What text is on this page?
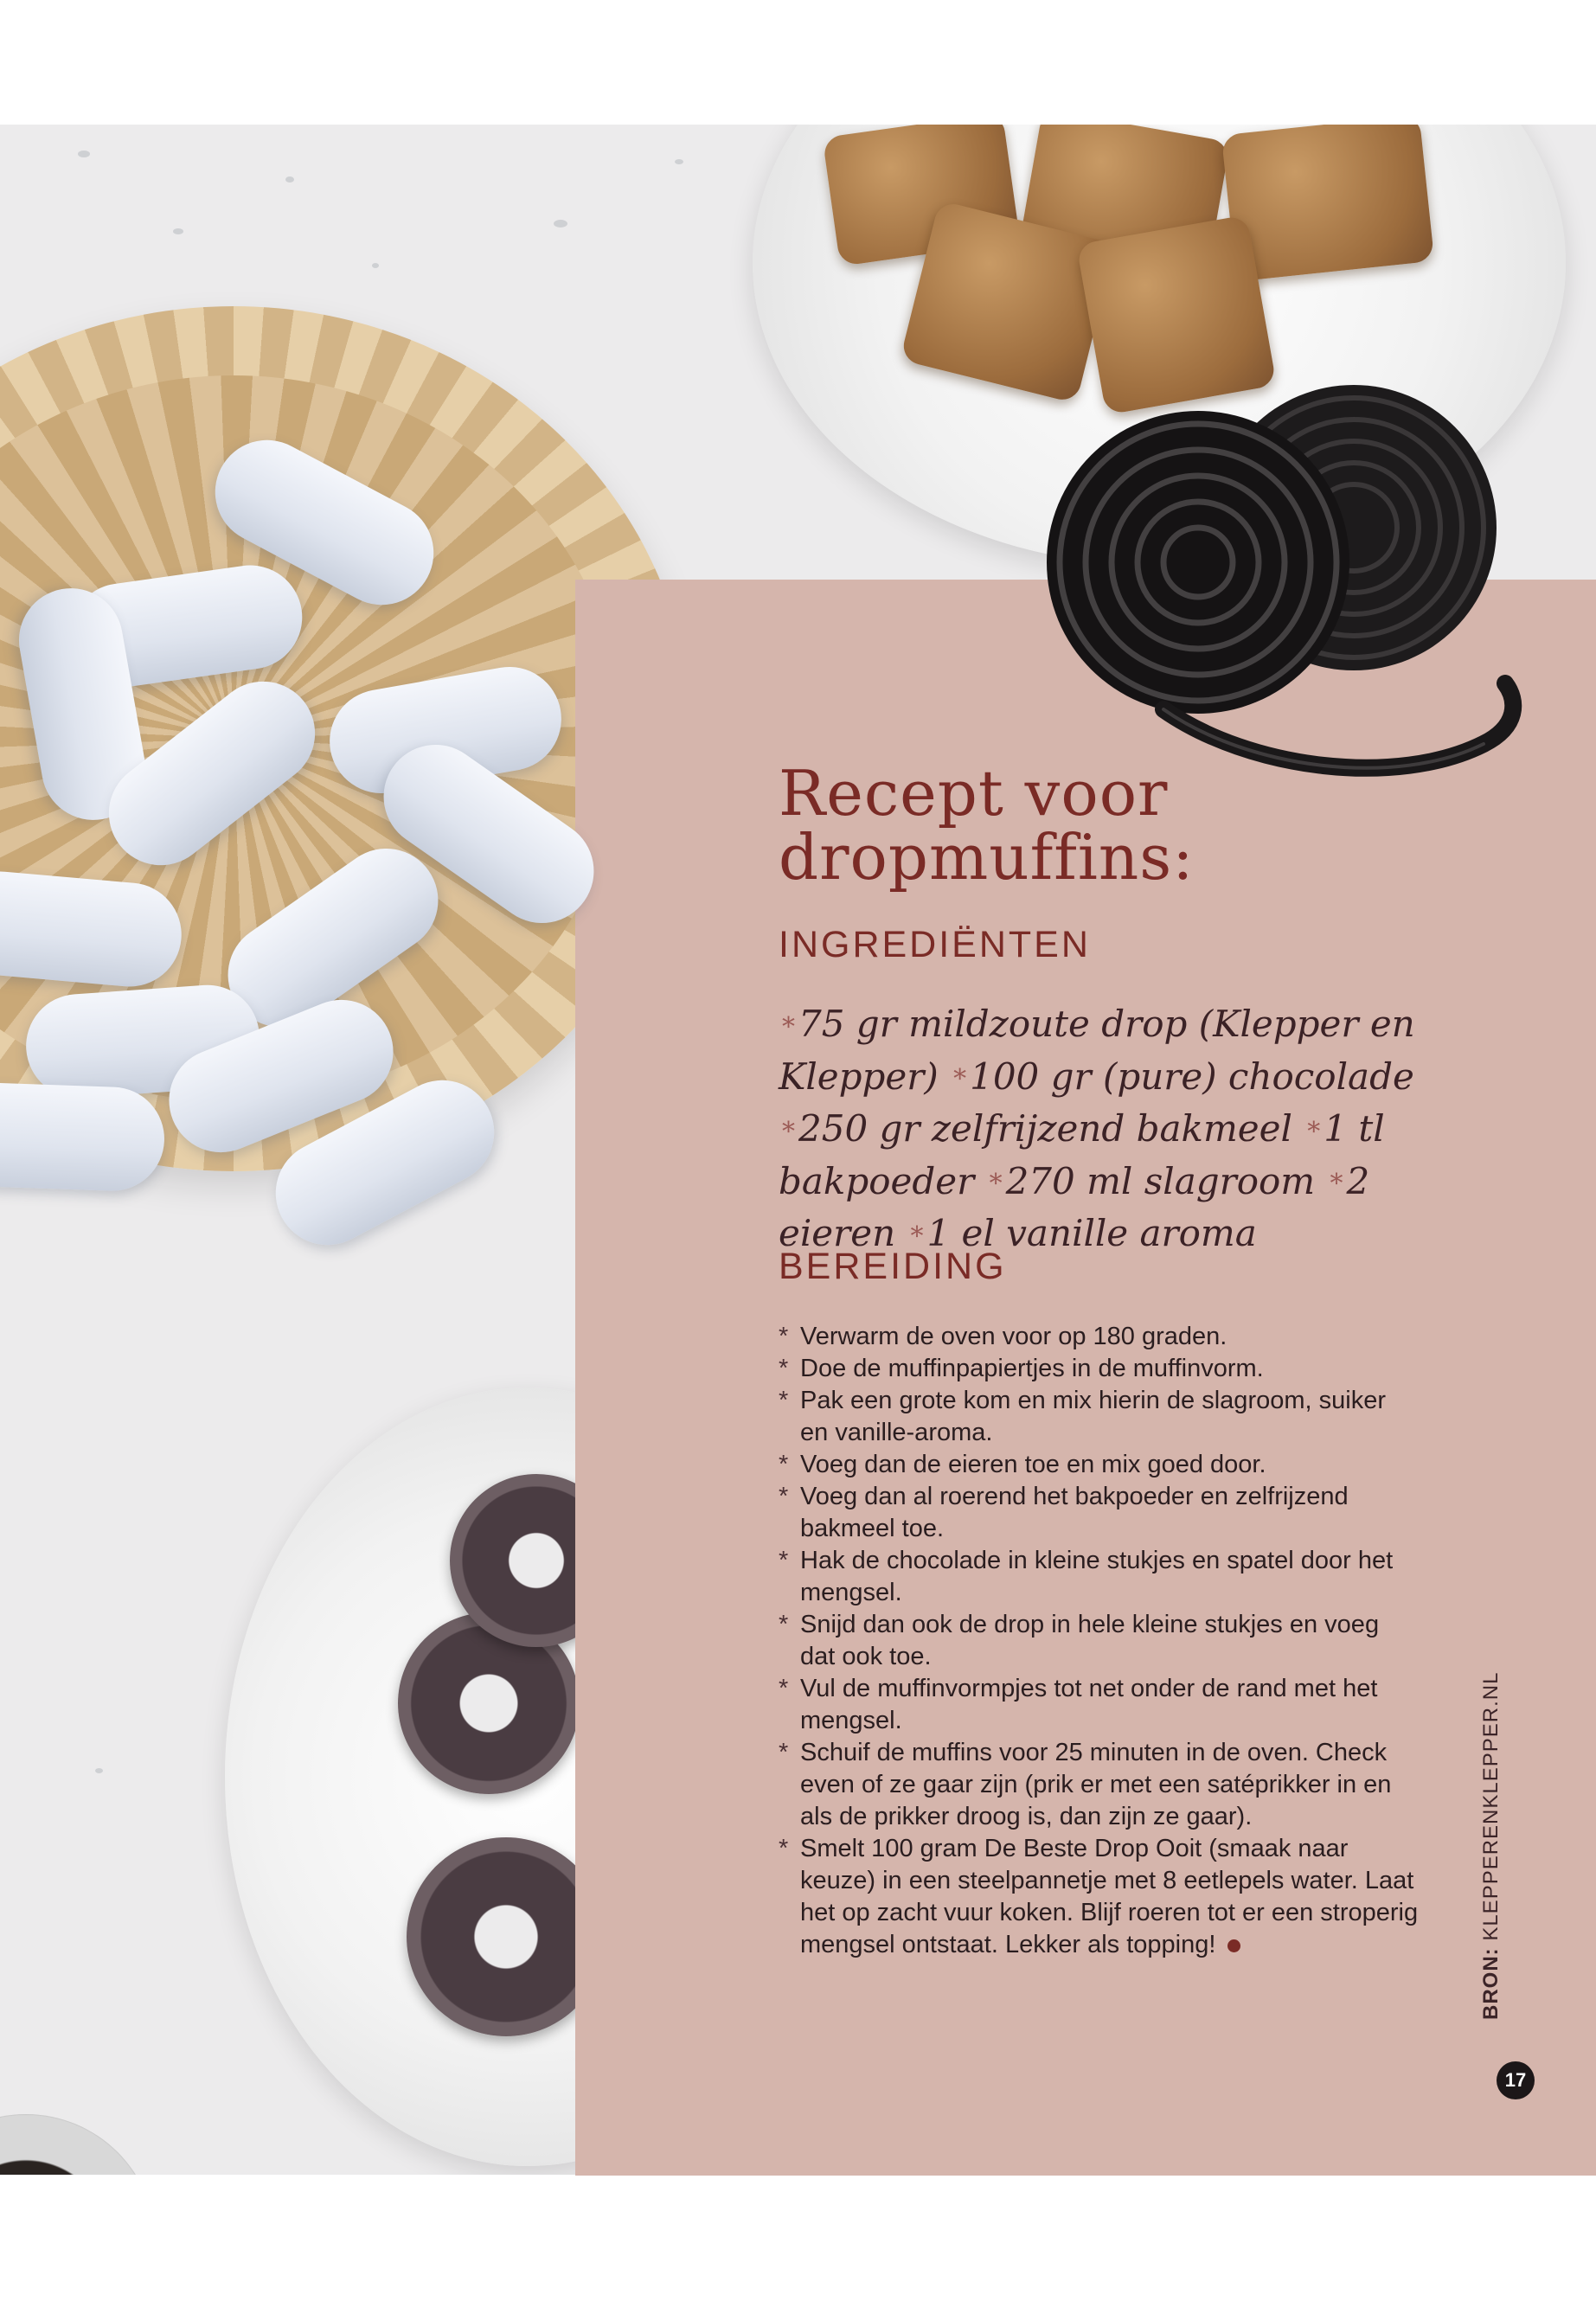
Recept voor
dropmuffins:
INGREDIËNTEN

*75 gr mildzoute drop (Klepper en Klepper) *100 gr (pure) chocolade *250 gr zelfrijzend bakmeel *1 tl bakpoeder *270 ml slagroom *2 eieren *1 el vanille aroma

BEREIDING
* Verwarm de oven voor op 180 graden.
* Doe de muffinpapiertjes in de muffinvorm.
* Pak een grote kom en mix hierin de slagroom, suiker en vanille-aroma.
* Voeg dan de eieren toe en mix goed door.
* Voeg dan al roerend het bakpoeder en zelfrijzend bakmeel toe.
* Hak de chocolade in kleine stukjes en spatel door het mengsel.
* Snijd dan ook de drop in hele kleine stukjes en voeg dat ook toe.
* Vul de muffinvormpjes tot net onder de rand met het mengsel.
* Schuif de muffins voor 25 minuten in de oven. Check even of ze gaar zijn (prik er met een satéprikker in en als de prikker droog is, dan zijn ze gaar).
* Smelt 100 gram De Beste Drop Ooit (smaak naar keuze) in een steelpannetje met 8 eetlepels water. Laat het op zacht vuur koken. Blijf roeren tot er een stroperig mengsel ontstaat. Lekker als topping!
BRON: KLEPPERENKLEPPER.NL
17
